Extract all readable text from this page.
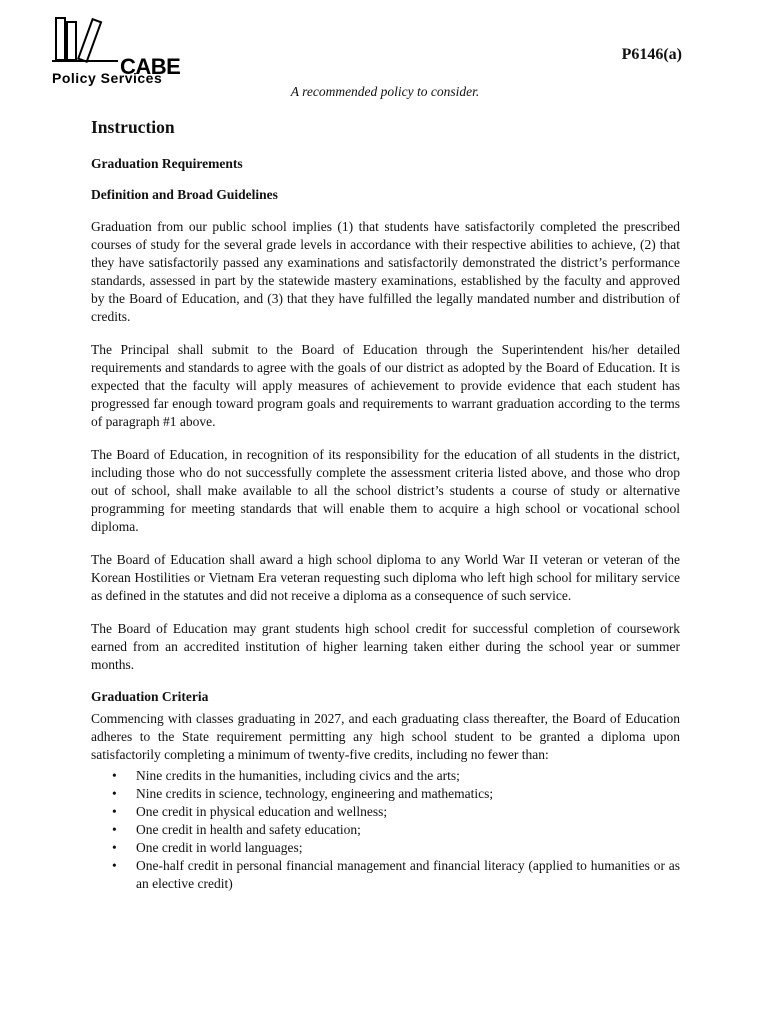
CABE
Policy Services
P6146(a)
A recommended policy to consider.
Instruction
Graduation Requirements
Definition and Broad Guidelines

Graduation from our public school implies (1) that students have satisfactorily completed the prescribed courses of study for the several grade levels in accordance with their respective abilities to achieve, (2) that they have satisfactorily passed any examinations and satisfactorily demonstrated the district’s performance standards, assessed in part by the statewide mastery examinations, established by the faculty and approved by the Board of Education, and (3) that they have fulfilled the legally mandated number and distribution of credits.

The Principal shall submit to the Board of Education through the Superintendent his/her detailed requirements and standards to agree with the goals of our district as adopted by the Board of Education. It is expected that the faculty will apply measures of achievement to provide evidence that each student has progressed far enough toward program goals and requirements to warrant graduation according to the terms of paragraph #1 above.

The Board of Education, in recognition of its responsibility for the education of all students in the district, including those who do not successfully complete the assessment criteria listed above, and those who drop out of school, shall make available to all the school district’s students a course of study or alternative programming for meeting standards that will enable them to acquire a high school or vocational school diploma.

The Board of Education shall award a high school diploma to any World War II veteran or veteran of the Korean Hostilities or Vietnam Era veteran requesting such diploma who left high school for military service as defined in the statutes and did not receive a diploma as a consequence of such service.

The Board of Education may grant students high school credit for successful completion of coursework earned from an accredited institution of higher learning taken either during the school year or summer months.

Graduation Criteria

Commencing with classes graduating in 2027, and each graduating class thereafter, the Board of Education adheres to the State requirement permitting any high school student to be granted a diploma upon satisfactorily completing a minimum of twenty-five credits, including no fewer than:

• Nine credits in the humanities, including civics and the arts;
• Nine credits in science, technology, engineering and mathematics;
• One credit in physical education and wellness;
• One credit in health and safety education;
• One credit in world languages;
• One-half credit in personal financial management and financial literacy (applied to humanities or as an elective credit)
